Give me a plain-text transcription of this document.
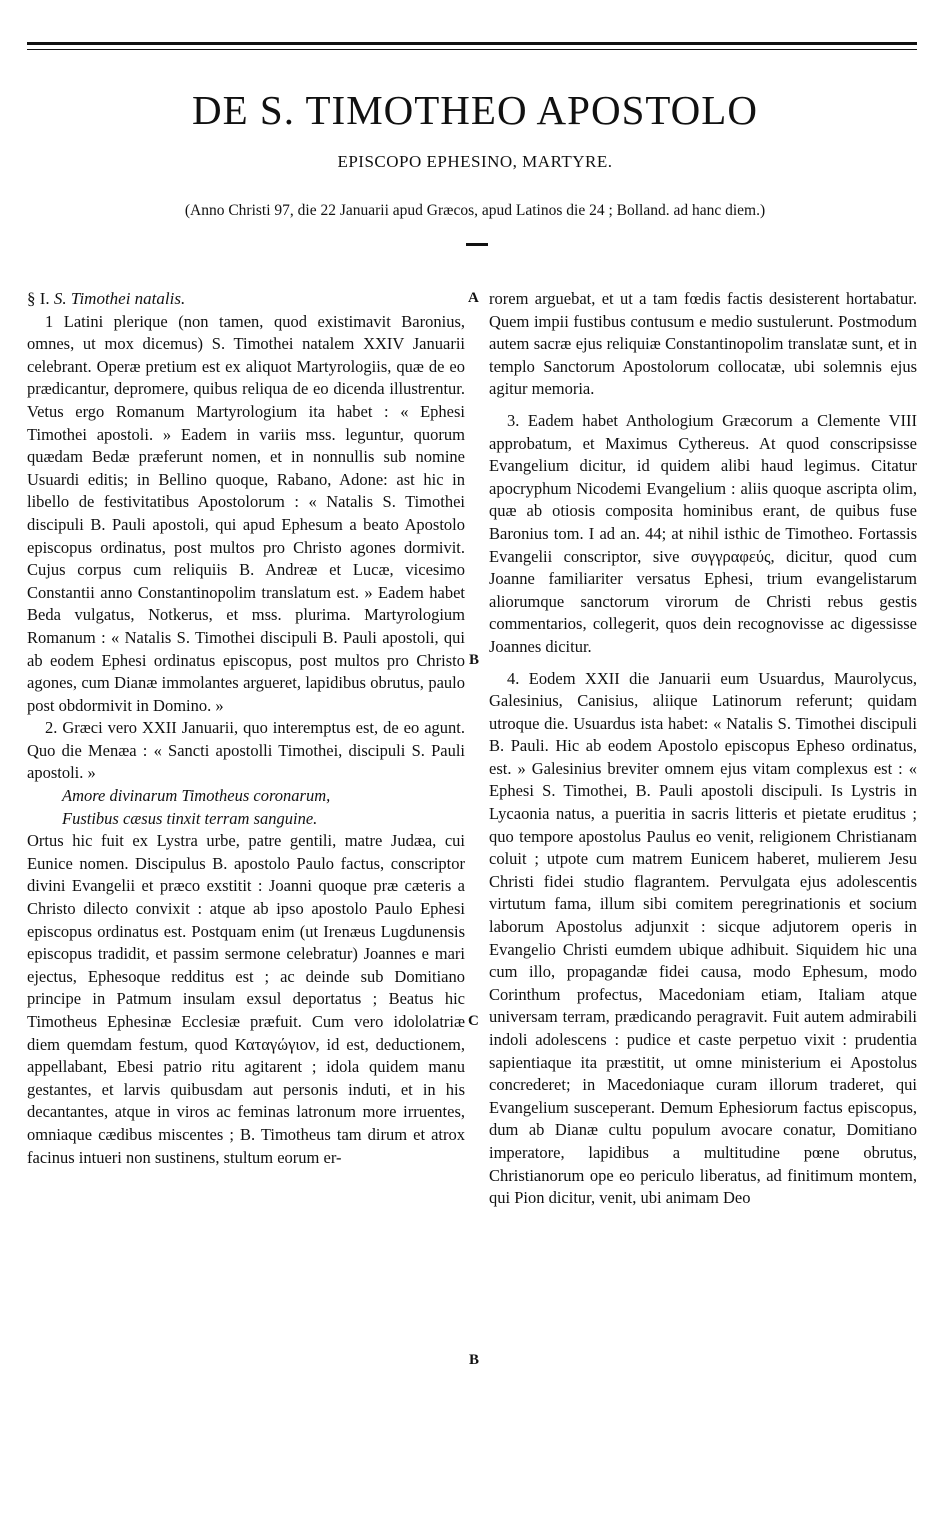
DE S. TIMOTHEO APOSTOLO
EPISCOPO EPHESINO, MARTYRE.
(Anno Christi 97, die 22 Januarii apud Græcos, apud Latinos die 24 ; Bolland. ad hanc diem.)

§ I. S. Timothei natalis.

1 Latini plerique (non tamen, quod existimavit Baronius, omnes, ut mox dicemus) S. Timothei natalem XXIV Januarii celebrant. Operæ pretium est ex aliquot Martyrologiis, quæ de eo prædicantur, depromere, quibus reliqua de eo dicenda illustrentur. Vetus ergo Romanum Martyrologium ita habet : « Ephesi Timothei apostoli. » Eadem in variis mss. leguntur, quorum quædam Bedæ præferunt nomen, et in nonnullis sub nomine Usuardi editis; in Bellino quoque, Rabano, Adone: ast hic in libello de festivitatibus Apostolorum : « Natalis S. Timothei discipuli B. Pauli apostoli, qui apud Ephesum a beato Apostolo episcopus ordinatus, post multos pro Christo agones dormivit. Cujus corpus cum reliquiis B. Andreæ et Lucæ, vicesimo Constantii anno Constantinopolim translatum est. » Eadem habet Beda vulgatus, Notkerus, et mss. plurima. Martyrologium Romanum : « Natalis S. Timothei discipuli B. Pauli apostoli, qui ab eodem Ephesi ordinatus episcopus, post multos pro Christo agones, cum Dianæ immolantes argueret, lapidibus obrutus, paulo post obdormivit in Domino. »

2. Græci vero XXII Januarii, quo interemptus est, de eo agunt. Quo die Menæa : « Sancti apostolli Timothei, discipuli S. Pauli apostoli. »

Amore divinarum Timotheus coronarum,

Fustibus cæsus tinxit terram sanguine.

Ortus hic fuit ex Lystra urbe, patre gentili, matre Judæa, cui Eunice nomen. Discipulus B. apostolo Paulo factus, conscriptor divini Evangelii et præco exstitit : Joanni quoque præ cæteris a Christo dilecto convixit : atque ab ipso apostolo Paulo Ephesi episcopus ordinatus est. Postquam enim (ut Irenæus Lugdunensis episcopus tradidit, et passim sermone celebratur) Joannes e mari ejectus, Ephesoque redditus est ; ac deinde sub Domitiano principe in Patmum insulam exsul deportatus ; Beatus hic Timotheus Ephesinæ Ecclesiæ præfuit. Cum vero idololatriæ diem quemdam festum, quod Καταγώγιον, id est, deductionem, appellabant, Ebesi patrio ritu agitarent ; idola quidem manu gestantes, et larvis quibusdam aut personis induti, et in his decantantes, atque in viros ac feminas latronum more irruentes, omniaque cædibus miscentes ; B. Timotheus tam dirum et atrox facinus intueri non sustinens, stultum eorum er-

rorem arguebat, et ut a tam fœdis factis desisterent hortabatur. Quem impii fustibus contusum e medio sustulerunt. Postmodum autem sacræ ejus reliquiæ Constantinopolim translatæ sunt, et in templo Sanctorum Apostolorum collocatæ, ubi solemnis ejus agitur memoria.

3. Eadem habet Anthologium Græcorum a Clemente VIII approbatum, et Maximus Cythereus. At quod conscripsisse Evangelium dicitur, id quidem alibi haud legimus. Citatur apocryphum Nicodemi Evangelium : aliis quoque ascripta olim, quæ ab otiosis composita hominibus erant, de quibus fuse Baronius tom. I ad an. 44; at nihil isthic de Timotheo. Fortassis Evangelii conscriptor, sive συγγραφεύς, dicitur, quod cum Joanne familiariter versatus Ephesi, trium evangelistarum aliorumque sanctorum virorum de Christi rebus gestis commentarios, collegerit, quos dein recognovisse ac digessisse Joannes dicitur.

4. Eodem XXII die Januarii eum Usuardus, Maurolycus, Galesinius, Canisius, aliique Latinorum referunt; quidam utroque die. Usuardus ista habet: « Natalis S. Timothei discipuli B. Pauli. Hic ab eodem Apostolo episcopus Epheso ordinatus, est. » Galesinius breviter omnem ejus vitam complexus est : « Ephesi S. Timothei, B. Pauli apostoli discipuli. Is Lystris in Lycaonia natus, a pueritia in sacris litteris et pietate eruditus ; quo tempore apostolus Paulus eo venit, religionem Christianam coluit ; utpote cum matrem Eunicem haberet, mulierem Jesu Christi fidei studio flagrantem. Pervulgata ejus adolescentis virtutum fama, illum sibi comitem peregrinationis et socium laborum Apostolus adjunxit : sicque adjutorem operis in Evangelio Christi eumdem ubique adhibuit. Siquidem hic una cum illo, propagandæ fidei causa, modo Ephesum, modo Corinthum profectus, Macedoniam etiam, Italiam atque universam terram, prædicando peragravit. Fuit autem admirabili indoli adolescens : pudice et caste perpetuo vixit : prudentia sapientiaque ita præstitit, ut omne ministerium ei Apostolus concrederet; in Macedoniaque curam illorum traderet, qui Evangelium susceperant. Demum Ephesiorum factus episcopus, dum ab Dianæ cultu populum avocare conatur, Domitiano imperatore, lapidibus a multitudine pœne obrutus, Christianorum ope eo periculo liberatus, ad finitimum montem, qui Pion dicitur, venit, ubi animam Deo

A
B
C
B
